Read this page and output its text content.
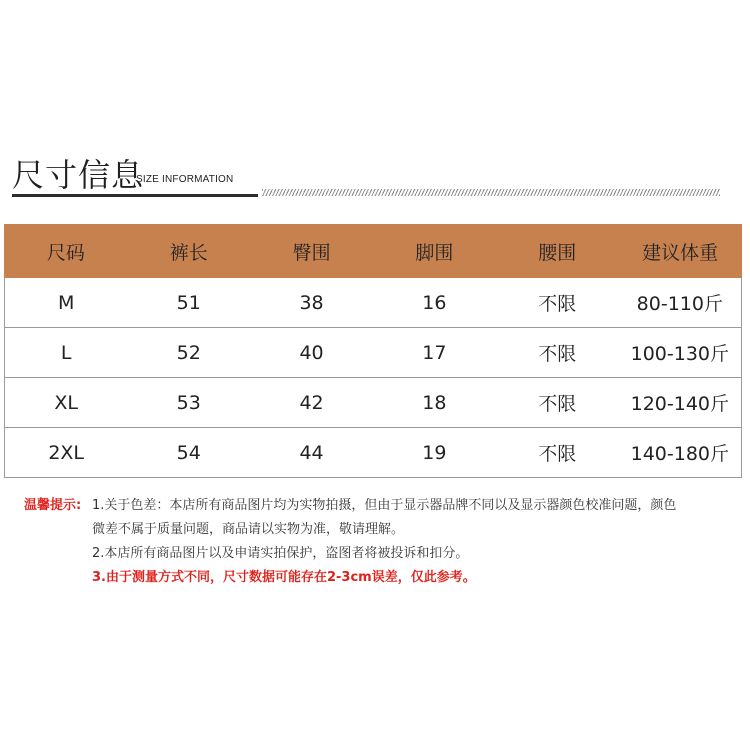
尺寸信息
SIZE INFORMATION
尺码	裤长	臀围	脚围	腰围	建议体重
M	51	38	16	不限	80-110斤
L	52	40	17	不限	100-130斤
XL	53	42	18	不限	120-140斤
2XL	54	44	19	不限	140-180斤
温馨提示: 1.关于色差：本店所有商品图片均为实物拍摄，但由于显示器品牌不同以及显示器颜色校准问题，颜色
微差不属于质量问题，商品请以实物为准，敬请理解。
2.本店所有商品图片以及申请实拍保护，盗图者将被投诉和扣分。
3.由于测量方式不同，尺寸数据可能存在2-3cm误差，仅此参考。
